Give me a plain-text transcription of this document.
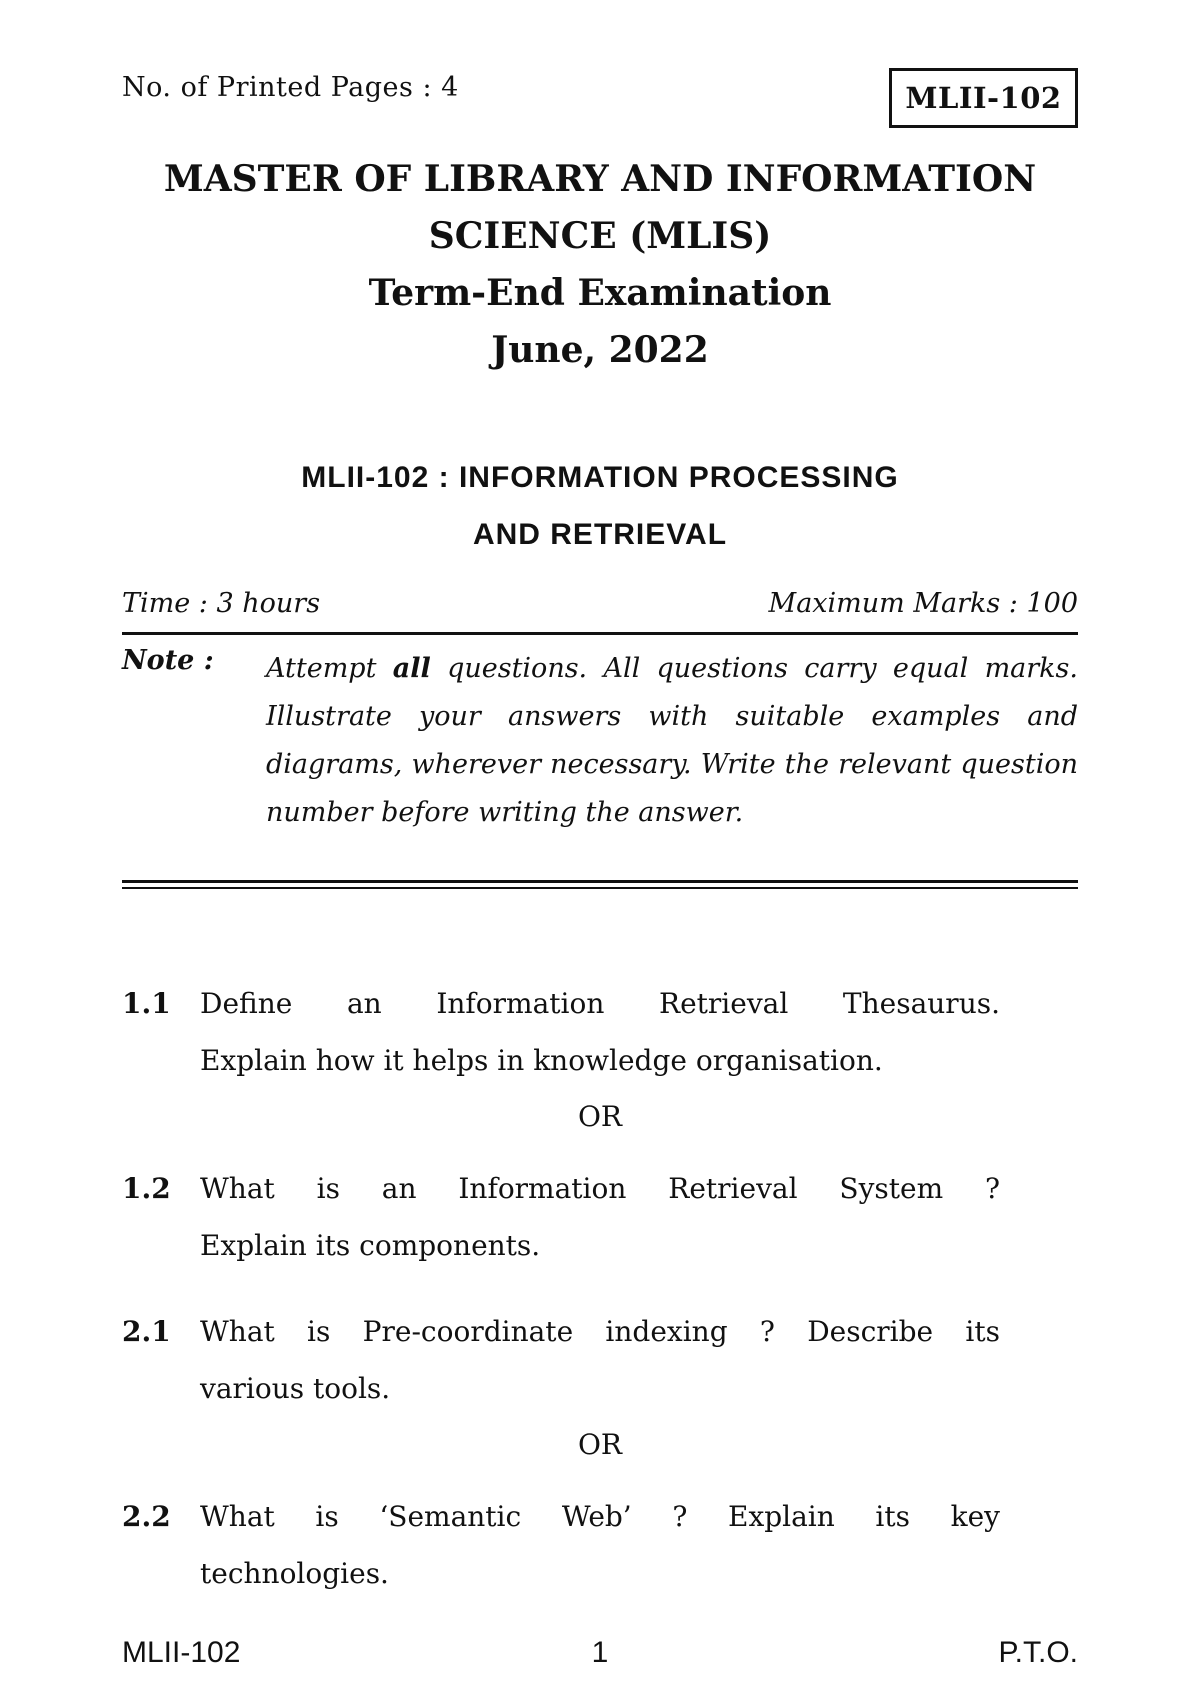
No. of Printed Pages : 4	MLII-102
MASTER OF LIBRARY AND INFORMATION
SCIENCE (MLIS)
Term-End Examination
June, 2022
MLII-102 : INFORMATION PROCESSING
AND RETRIEVAL
Time : 3 hours	Maximum Marks : 100
Note : Attempt all questions. All questions carry equal marks. Illustrate your answers with suitable examples and diagrams, wherever necessary. Write the relevant question number before writing the answer.
1.1 Define an Information Retrieval Thesaurus.
Explain how it helps in knowledge organisation.
OR
1.2 What is an Information Retrieval System ?
Explain its components.
2.1 What is Pre-coordinate indexing ? Describe its
various tools.
OR
2.2 What is ‘Semantic Web’ ? Explain its key
technologies.
MLII-102	1	P.T.O.
